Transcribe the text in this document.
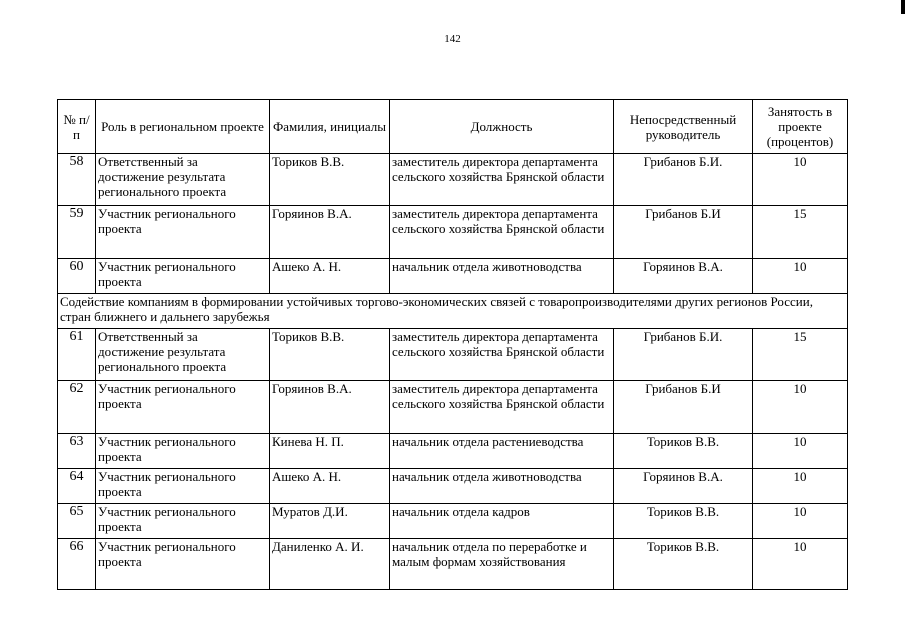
142
№ п/п	Роль в региональном проекте	Фамилия, инициалы	Должность	Непосредственный руководитель	Занятость в проекте (процентов)
58	Ответственный за достижение результата регионального проекта	Ториков В.В.	заместитель директора департамента сельского хозяйства Брянской области	Грибанов Б.И.	10
59	Участник регионального проекта	Горяинов В.А.	заместитель директора департамента сельского хозяйства Брянской области	Грибанов Б.И	15
60	Участник регионального проекта	Ашеко А. Н.	начальник отдела животноводства	Горяинов В.А.	10
Содействие компаниям в формировании устойчивых торгово-экономических связей с товаропроизводителями других регионов России, стран ближнего и дальнего зарубежья					
61	Ответственный за достижение результата регионального проекта	Ториков В.В.	заместитель директора департамента сельского хозяйства Брянской области	Грибанов Б.И.	15
62	Участник регионального проекта	Горяинов В.А.	заместитель директора департамента сельского хозяйства Брянской области	Грибанов Б.И	10
63	Участник регионального проекта	Кинева Н. П.	начальник отдела растениеводства	Ториков В.В.	10
64	Участник регионального проекта	Ашеко А. Н.	начальник отдела животноводства	Горяинов В.А.	10
65	Участник регионального проекта	Муратов Д.И.	начальник отдела кадров	Ториков В.В.	10
66	Участник регионального проекта	Даниленко А. И.	начальник отдела по переработке и малым формам хозяйствования	Ториков В.В.	10
